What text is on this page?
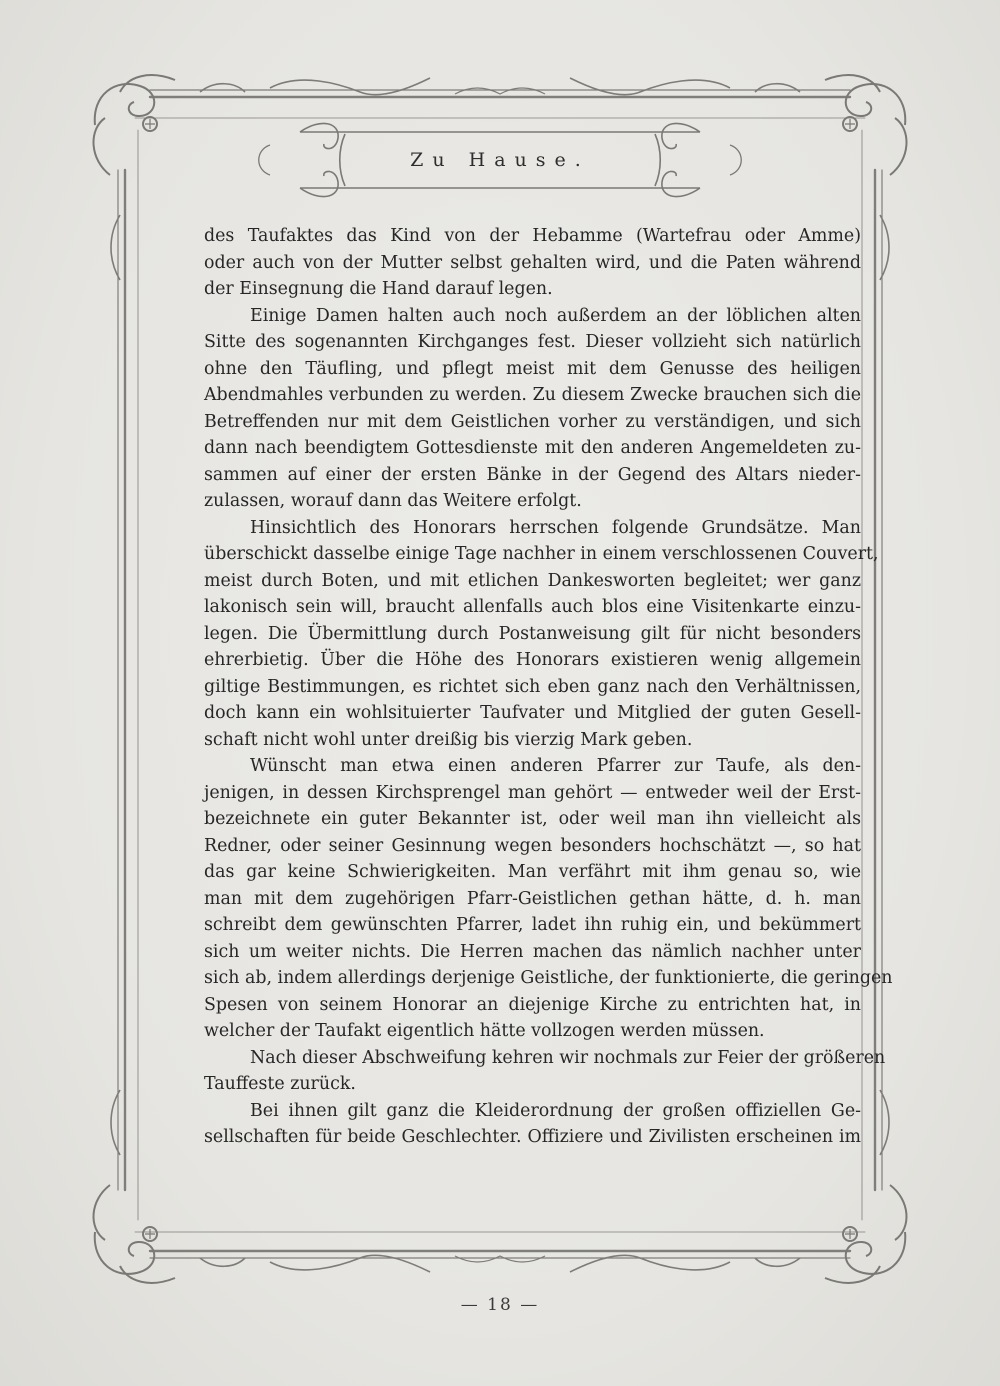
Zu Hause.
des Taufaktes das Kind von der Hebamme (Wartefrau oder Amme)
oder auch von der Mutter selbst gehalten wird, und die Paten während
der Einsegnung die Hand darauf legen.
Einige Damen halten auch noch außerdem an der löblichen alten
Sitte des sogenannten Kirchganges fest. Dieser vollzieht sich natürlich
ohne den Täufling, und pflegt meist mit dem Genusse des heiligen
Abendmahles verbunden zu werden. Zu diesem Zwecke brauchen sich die
Betreffenden nur mit dem Geistlichen vorher zu verständigen, und sich
dann nach beendigtem Gottesdienste mit den anderen Angemeldeten zu-
sammen auf einer der ersten Bänke in der Gegend des Altars nieder-
zulassen, worauf dann das Weitere erfolgt.
Hinsichtlich des Honorars herrschen folgende Grundsätze. Man
überschickt dasselbe einige Tage nachher in einem verschlossenen Couvert,
meist durch Boten, und mit etlichen Dankesworten begleitet; wer ganz
lakonisch sein will, braucht allenfalls auch blos eine Visitenkarte einzu-
legen. Die Übermittlung durch Postanweisung gilt für nicht besonders
ehrerbietig. Über die Höhe des Honorars existieren wenig allgemein
giltige Bestimmungen, es richtet sich eben ganz nach den Verhältnissen,
doch kann ein wohlsituierter Taufvater und Mitglied der guten Gesell-
schaft nicht wohl unter dreißig bis vierzig Mark geben.
Wünscht man etwa einen anderen Pfarrer zur Taufe, als den-
jenigen, in dessen Kirchsprengel man gehört — entweder weil der Erst-
bezeichnete ein guter Bekannter ist, oder weil man ihn vielleicht als
Redner, oder seiner Gesinnung wegen besonders hochschätzt —, so hat
das gar keine Schwierigkeiten. Man verfährt mit ihm genau so, wie
man mit dem zugehörigen Pfarr-Geistlichen gethan hätte, d. h. man
schreibt dem gewünschten Pfarrer, ladet ihn ruhig ein, und bekümmert
sich um weiter nichts. Die Herren machen das nämlich nachher unter
sich ab, indem allerdings derjenige Geistliche, der funktionierte, die geringen
Spesen von seinem Honorar an diejenige Kirche zu entrichten hat, in
welcher der Taufakt eigentlich hätte vollzogen werden müssen.
Nach dieser Abschweifung kehren wir nochmals zur Feier der größeren
Tauffeste zurück.
Bei ihnen gilt ganz die Kleiderordnung der großen offiziellen Ge-
sellschaften für beide Geschlechter. Offiziere und Zivilisten erscheinen im
— 18 —
